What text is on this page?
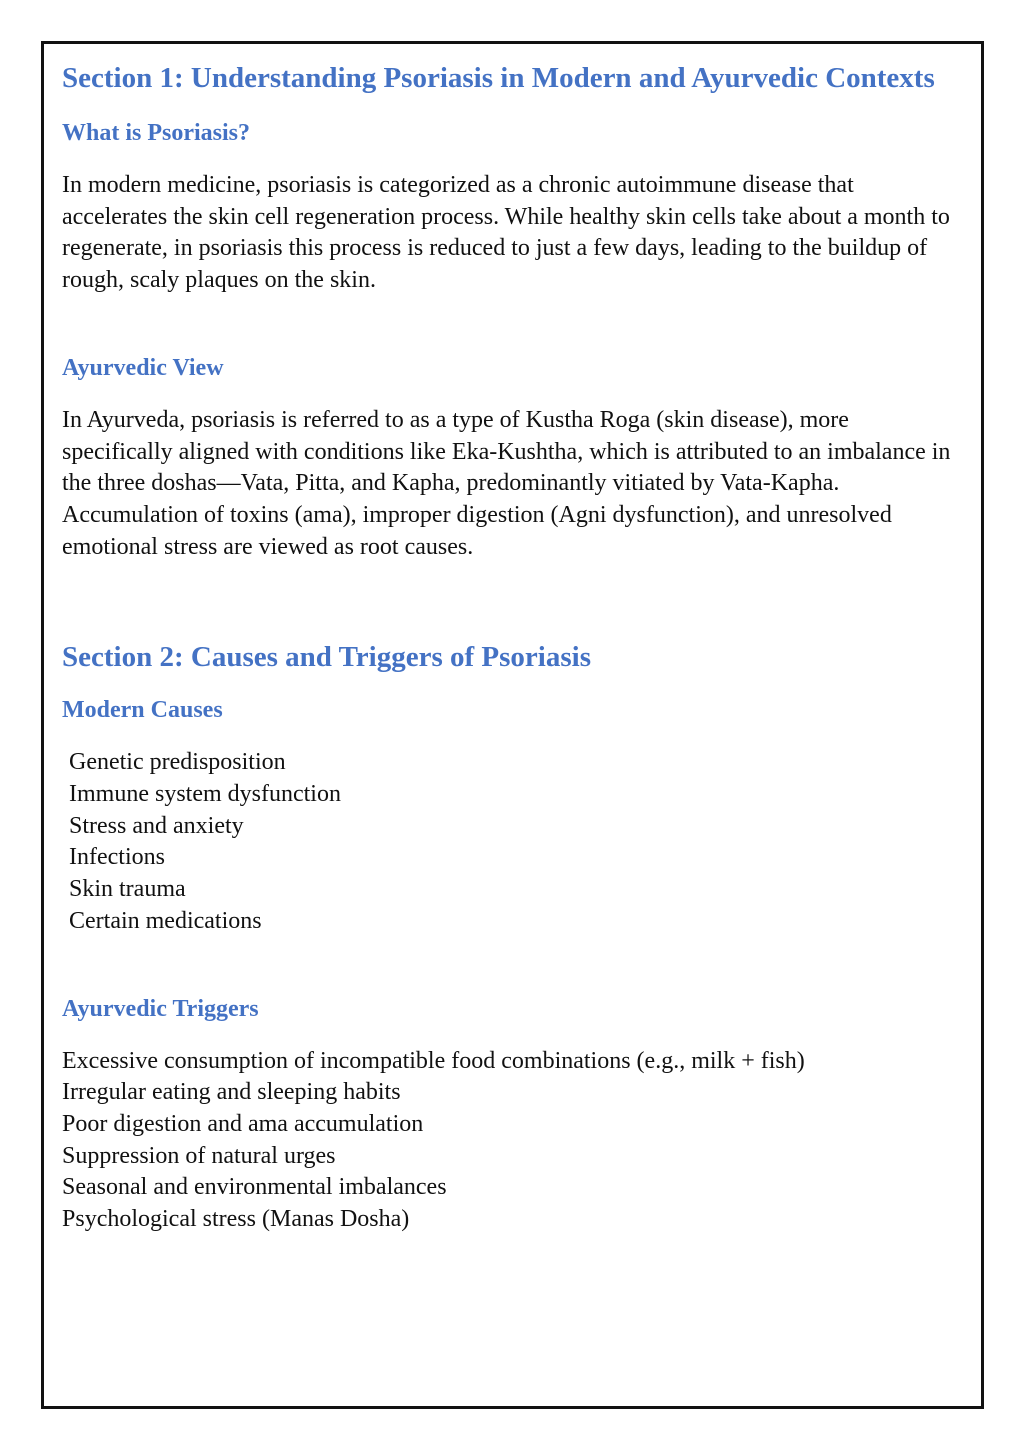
Section 1: Understanding Psoriasis in Modern and Ayurvedic Contexts
What is Psoriasis?

In modern medicine, psoriasis is categorized as a chronic autoimmune disease that accelerates the skin cell regeneration process. While healthy skin cells take about a month to regenerate, in psoriasis this process is reduced to just a few days, leading to the buildup of rough, scaly plaques on the skin.

Ayurvedic View

In Ayurveda, psoriasis is referred to as a type of Kustha Roga (skin disease), more specifically aligned with conditions like Eka-Kushtha, which is attributed to an imbalance in the three doshas—Vata, Pitta, and Kapha, predominantly vitiated by Vata-Kapha. Accumulation of toxins (ama), improper digestion (Agni dysfunction), and unresolved emotional stress are viewed as root causes.

Section 2: Causes and Triggers of Psoriasis
Modern Causes
Genetic predisposition
Immune system dysfunction
Stress and anxiety
Infections
Skin trauma
Certain medications
Ayurvedic Triggers
Excessive consumption of incompatible food combinations (e.g., milk + fish)
Irregular eating and sleeping habits
Poor digestion and ama accumulation
Suppression of natural urges
Seasonal and environmental imbalances
Psychological stress (Manas Dosha)
